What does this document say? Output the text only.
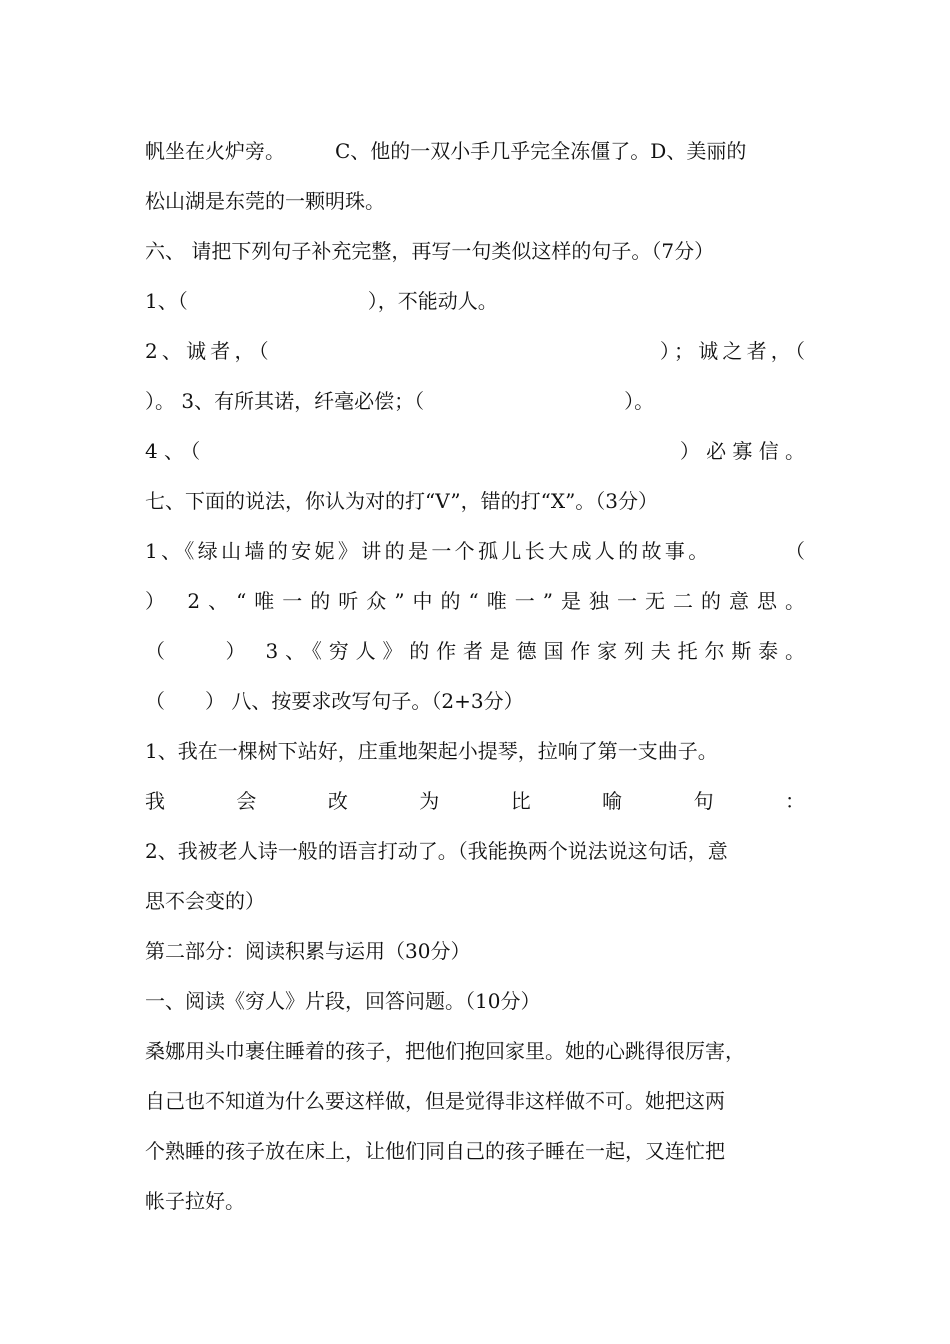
帆坐在火炉旁。　　　C、他的一双小手几乎完全冻僵了。D、美丽的
松山湖是东莞的一颗明珠。
六、 请把下列句子补充完整，再写一句类似这样的句子。（7分）
1、（　　　　　　　　　），不能动人。
2、诚者，（　　　　　　　　　　　　　　　　）；诚之者，（
）。 3、有所其诺，纤毫必偿；（　　　　　　　　　　）。
4、（　　　　　　　　　　　　　　　　　　）必寡信。
七、下面的说法，你认为对的打“V”，错的打“X”。（3分）
1、《绿山墙的安妮》讲的是一个孤儿长大成人的故事。　　　　（
） 2、“唯一的听众”中的“唯一”是独一无二的意思。
（　　） 3、《穷人》的作者是德国作家列夫托尔斯泰。
（　　） 八、按要求改写句子。（2+3分）
1、我在一棵树下站好，庄重地架起小提琴，拉响了第一支曲子。
我会改为比喻句：
2、我被老人诗一般的语言打动了。（我能换两个说法说这句话，意
思不会变的）
第二部分：阅读积累与运用（30分）
一、阅读《穷人》片段，回答问题。（10分）
桑娜用头巾裹住睡着的孩子，把他们抱回家里。她的心跳得很厉害，
自己也不知道为什么要这样做，但是觉得非这样做不可。她把这两
个熟睡的孩子放在床上，让他们同自己的孩子睡在一起，又连忙把
帐子拉好。
